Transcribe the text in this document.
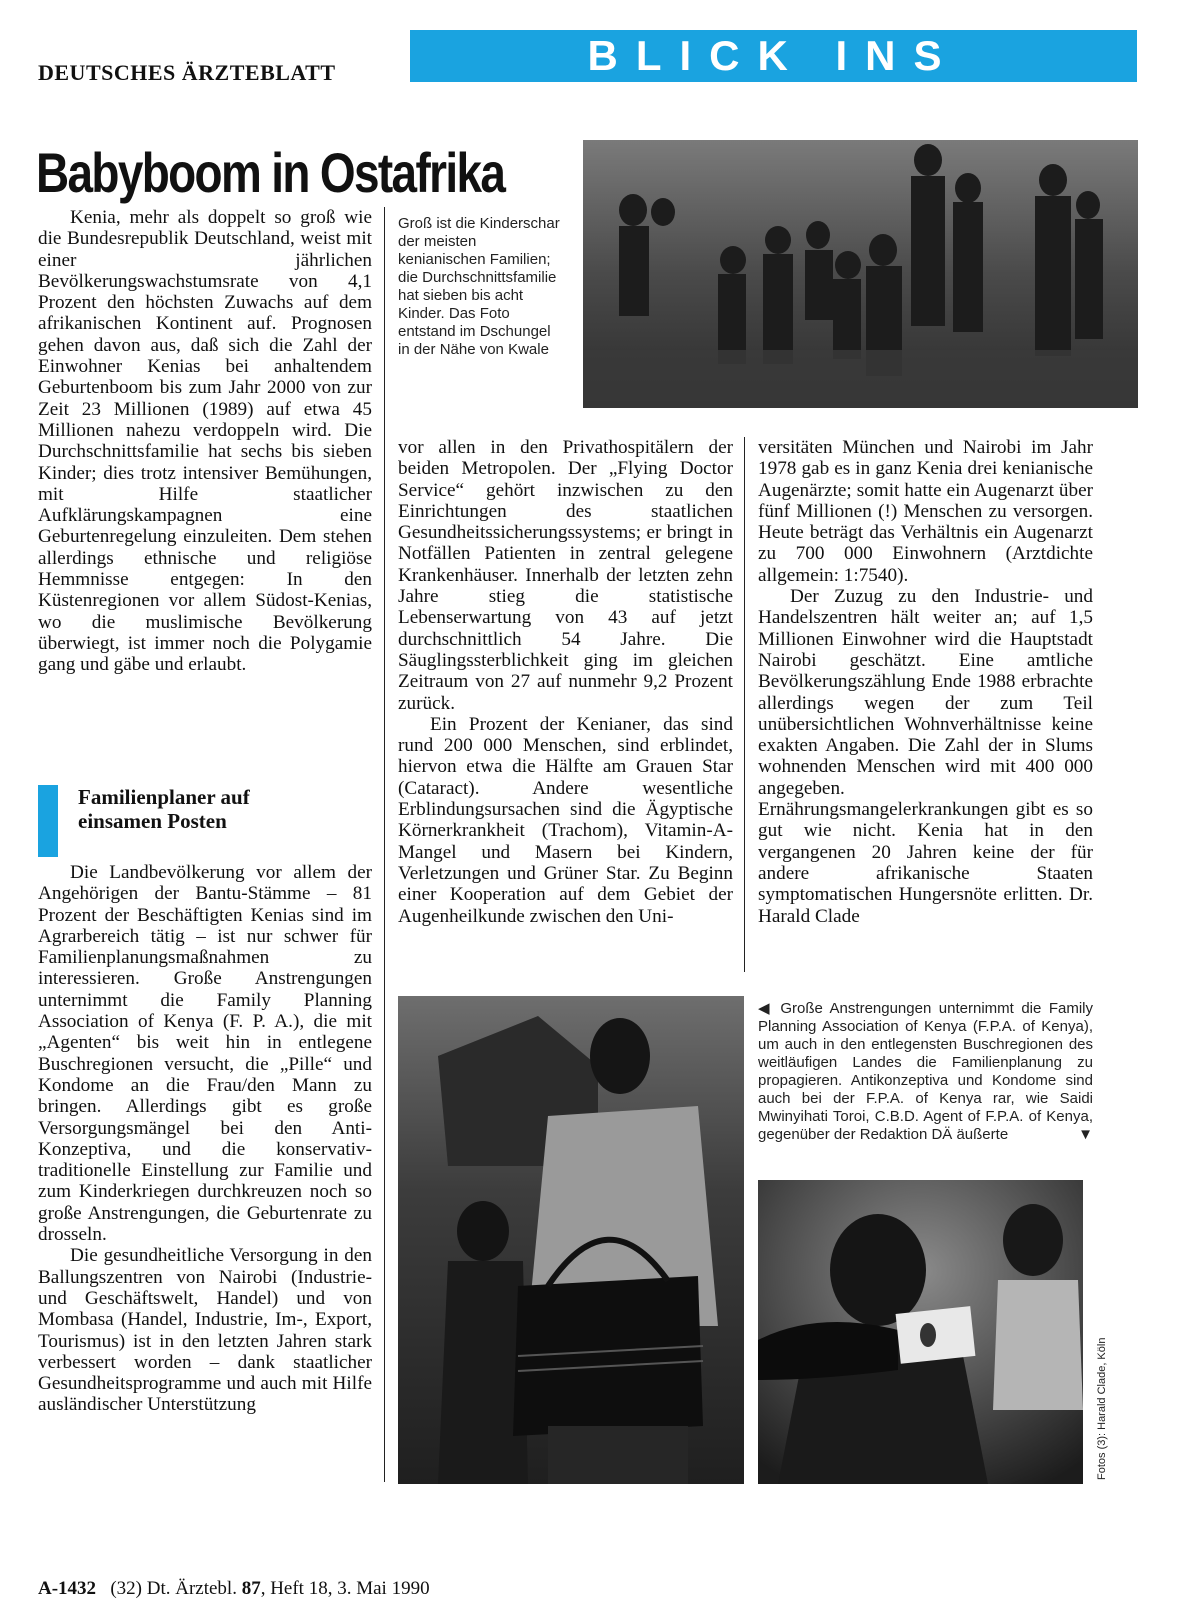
DEUTSCHES ÄRZTEBLATT	BLICK INS AUSLAND
Babyboom in Ostafrika
Groß ist die Kinderschar der meisten kenianischen Familien; die Durchschnittsfamilie hat sieben bis acht Kinder. Das Foto entstand im Dschungel in der Nähe von Kwale

Kenia, mehr als doppelt so groß wie die Bundesrepublik Deutschland, weist mit einer jährlichen Bevölkerungswachstumsrate von 4,1 Prozent den höchsten Zuwachs auf dem afrikanischen Kontinent auf. Prognosen gehen davon aus, daß sich die Zahl der Einwohner Kenias bei anhaltendem Geburtenboom bis zum Jahr 2000 von zur Zeit 23 Millionen (1989) auf etwa 45 Millionen nahezu verdoppeln wird. Die Durchschnittsfamilie hat sechs bis sieben Kinder; dies trotz intensiver Bemühungen, mit Hilfe staatlicher Aufklärungskampagnen eine Geburtenregelung einzuleiten. Dem stehen allerdings ethnische und religiöse Hemmnisse entgegen: In den Küstenregionen vor allem Südost-Kenias, wo die muslimische Bevölkerung überwiegt, ist immer noch die Polygamie gang und gäbe und erlaubt.

Familienplaner auf einsamen Posten

Die Landbevölkerung vor allem der Angehörigen der Bantu-Stämme – 81 Prozent der Beschäftigten Kenias sind im Agrarbereich tätig – ist nur schwer für Familienplanungsmaßnahmen zu interessieren. Große Anstrengungen unternimmt die Family Planning Association of Kenya (F. P. A.), die mit „Agenten“ bis weit hin in entlegene Buschregionen versucht, die „Pille“ und Kondome an die Frau/den Mann zu bringen. Allerdings gibt es große Versorgungsmängel bei den Anti-Konzeptiva, und die konservativ-traditionelle Einstellung zur Familie und zum Kinderkriegen durchkreuzen noch so große Anstrengungen, die Geburtenrate zu drosseln.

Die gesundheitliche Versorgung in den Ballungszentren von Nairobi (Industrie- und Geschäftswelt, Handel) und von Mombasa (Handel, Industrie, Im-, Export, Tourismus) ist in den letzten Jahren stark verbessert worden – dank staatlicher Gesundheitsprogramme und auch mit Hilfe ausländischer Unterstützung

vor allen in den Privathospitälern der beiden Metropolen. Der „Flying Doctor Service“ gehört inzwischen zu den Einrichtungen des staatlichen Gesundheitssicherungssystems; er bringt in Notfällen Patienten in zentral gelegene Krankenhäuser. Innerhalb der letzten zehn Jahre stieg die statistische Lebenserwartung von 43 auf jetzt durchschnittlich 54 Jahre. Die Säuglingssterblichkeit ging im gleichen Zeitraum von 27 auf nunmehr 9,2 Prozent zurück.

Ein Prozent der Kenianer, das sind rund 200 000 Menschen, sind erblindet, hiervon etwa die Hälfte am Grauen Star (Cataract). Andere wesentliche Erblindungsursachen sind die Ägyptische Körnerkrankheit (Trachom), Vitamin-A-Mangel und Masern bei Kindern, Verletzungen und Grüner Star. Zu Beginn einer Kooperation auf dem Gebiet der Augenheilkunde zwischen den Uni-

versitäten München und Nairobi im Jahr 1978 gab es in ganz Kenia drei kenianische Augenärzte; somit hatte ein Augenarzt über fünf Millionen (!) Menschen zu versorgen. Heute beträgt das Verhältnis ein Augenarzt zu 700 000 Einwohnern (Arztdichte allgemein: 1:7540).

Der Zuzug zu den Industrie- und Handelszentren hält weiter an; auf 1,5 Millionen Einwohner wird die Hauptstadt Nairobi geschätzt. Eine amtliche Bevölkerungszählung Ende 1988 erbrachte allerdings wegen der zum Teil unübersichtlichen Wohnverhältnisse keine exakten Angaben. Die Zahl der in Slums wohnenden Menschen wird mit 400 000 angegeben. Ernährungsmangelerkrankungen gibt es so gut wie nicht. Kenia hat in den vergangenen 20 Jahren keine der für andere afrikanische Staaten symptomatischen Hungersnöte erlitten. Dr. Harald Clade

◀ Große Anstrengungen unternimmt die Family Planning Association of Kenya (F.P.A. of Kenya), um auch in den entlegensten Buschregionen des weitläufigen Landes die Familienplanung zu propagieren. Antikonzeptiva und Kondome sind auch bei der F.P.A. of Kenya rar, wie Saidi Mwinyihati Toroi, C.B.D. Agent of F.P.A. of Kenya, gegenüber der Redaktion DÄ äußerte	▼
Fotos (3): Harald Clade, Köln
A-1432 (32) Dt. Ärztebl. 87, Heft 18, 3. Mai 1990
